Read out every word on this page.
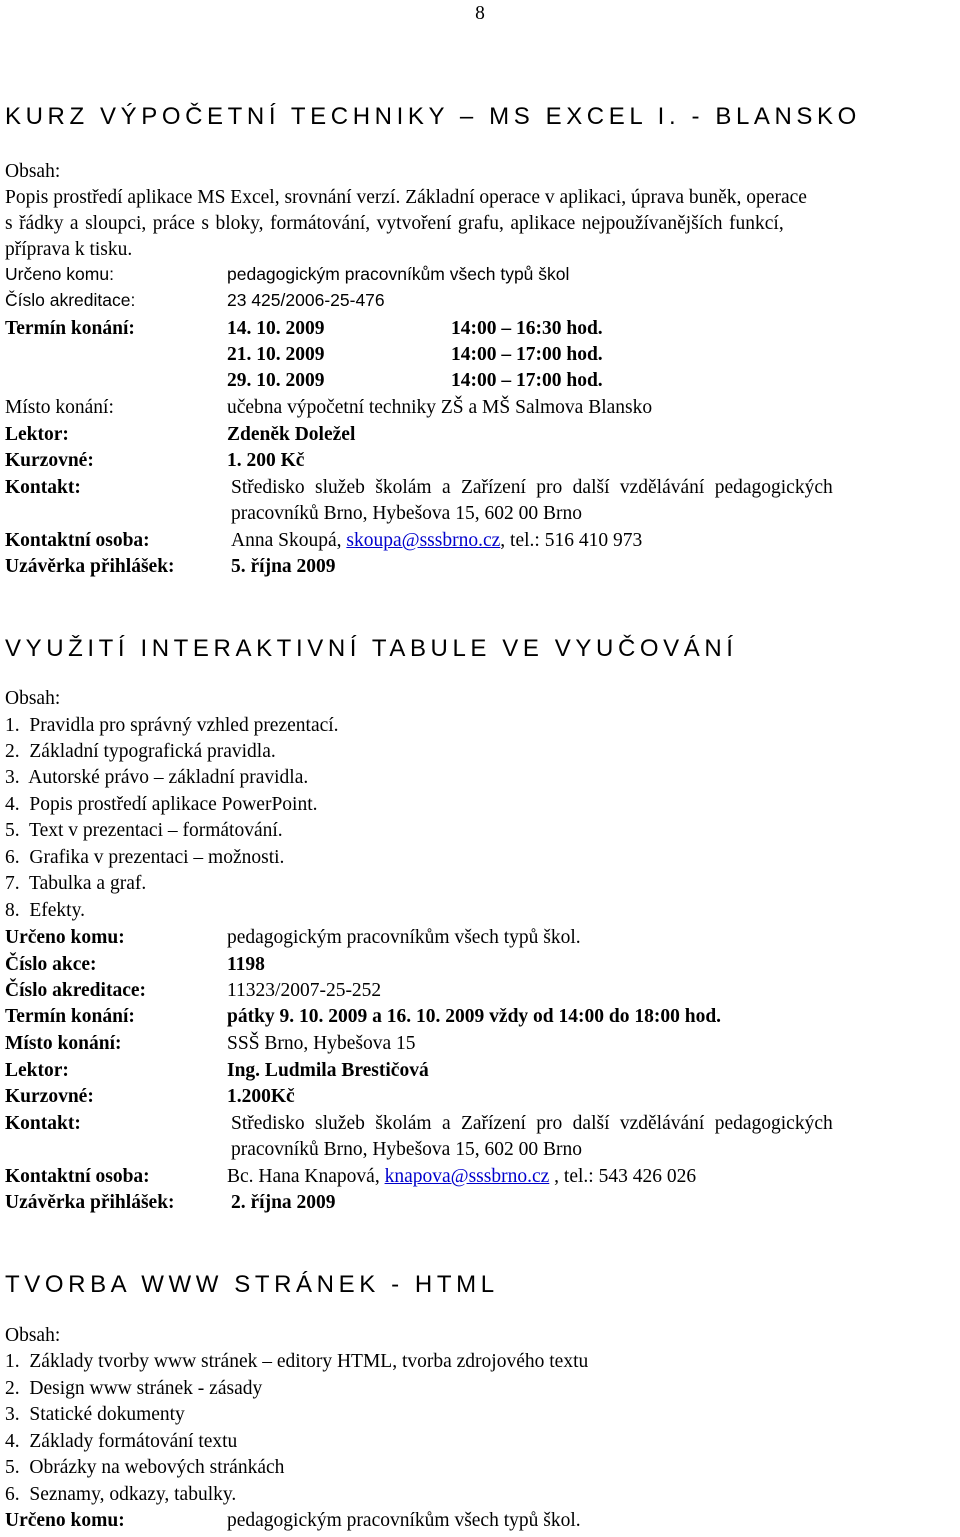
8
KURZ VÝPOČETNÍ TECHNIKY – MS EXCEL I. - BLANSKO
Obsah:
Popis prostředí aplikace MS Excel, srovnání verzí. Základní operace v aplikaci, úprava buněk, operace
s řádky a sloupci, práce s bloky, formátování, vytvoření grafu, aplikace nejpoužívanějších funkcí,
příprava k tisku.
Určeno komu:	pedagogickým pracovníkům všech typů škol
Číslo akreditace:	23 425/2006-25-476
Termín konání:	14. 10. 2009	14:00 – 16:30 hod.
21. 10. 2009	14:00 – 17:00 hod.
29. 10. 2009	14:00 – 17:00 hod.
Místo konání:	učebna výpočetní techniky ZŠ a MŠ Salmova Blansko
Lektor:	Zdeněk Doležel
Kurzovné:	1. 200 Kč
Kontakt:	Středisko služeb školám a Zařízení pro další vzdělávání pedagogických
pracovníků Brno, Hybešova 15, 602 00 Brno
Kontaktní osoba:	Anna Skoupá, skoupa@sssbrno.cz, tel.: 516 410 973
Uzávěrka přihlášek:	5. října 2009
VYUŽITÍ INTERAKTIVNÍ TABULE VE VYUČOVÁNÍ
Obsah:
1.  Pravidla pro správný vzhled prezentací.
2.  Základní typografická pravidla.
3.  Autorské právo – základní pravidla.
4.  Popis prostředí aplikace PowerPoint.
5.  Text v prezentaci – formátování.
6.  Grafika v prezentaci – možnosti.
7.  Tabulka a graf.
8.  Efekty.
Určeno komu:	pedagogickým pracovníkům všech typů škol.
Číslo akce:	1198
Číslo akreditace:	11323/2007-25-252
Termín konání:	pátky 9. 10. 2009 a 16. 10. 2009 vždy od 14:00 do 18:00 hod.
Místo konání:	SSŠ Brno, Hybešova 15
Lektor:	Ing. Ludmila Brestičová
Kurzovné:	1.200Kč
Kontakt:	Středisko služeb školám a Zařízení pro další vzdělávání pedagogických
pracovníků Brno, Hybešova 15, 602 00 Brno
Kontaktní osoba:	Bc. Hana Knapová, knapova@sssbrno.cz , tel.: 543 426 026
Uzávěrka přihlášek:	2. října 2009
TVORBA WWW STRÁNEK - HTML
Obsah:
1.  Základy tvorby www stránek – editory HTML, tvorba zdrojového textu
2.  Design www stránek - zásady
3.  Statické dokumenty
4.  Základy formátování textu
5.  Obrázky na webových stránkách
6.  Seznamy, odkazy, tabulky.
Určeno komu:	pedagogickým pracovníkům všech typů škol.
